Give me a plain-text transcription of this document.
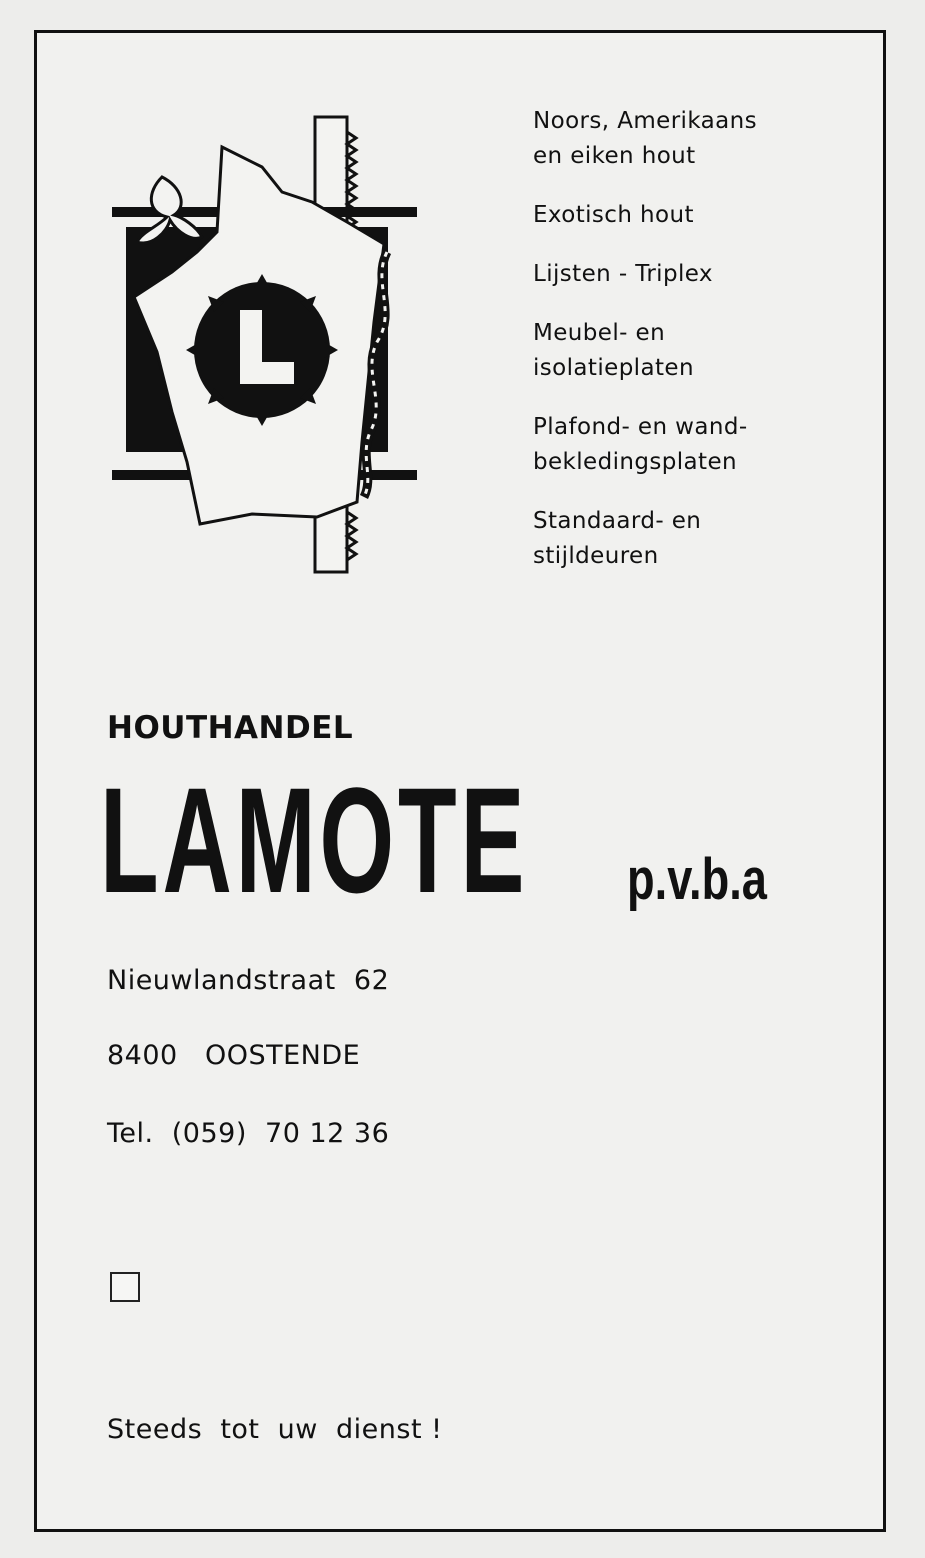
L	Noors, Amerikaans
en eiken hout
Exotisch hout
Lijsten - Triplex
Meubel- en
isolatieplaten
Plafond- en wand-
bekledingsplaten
Standaard- en
stijldeuren
HOUTHANDEL
LAMOTE p.v.b.a
Nieuwlandstraat  62
8400   OOSTENDE
Tel.  (059)  70 12 36
Steeds  tot  uw  dienst !
